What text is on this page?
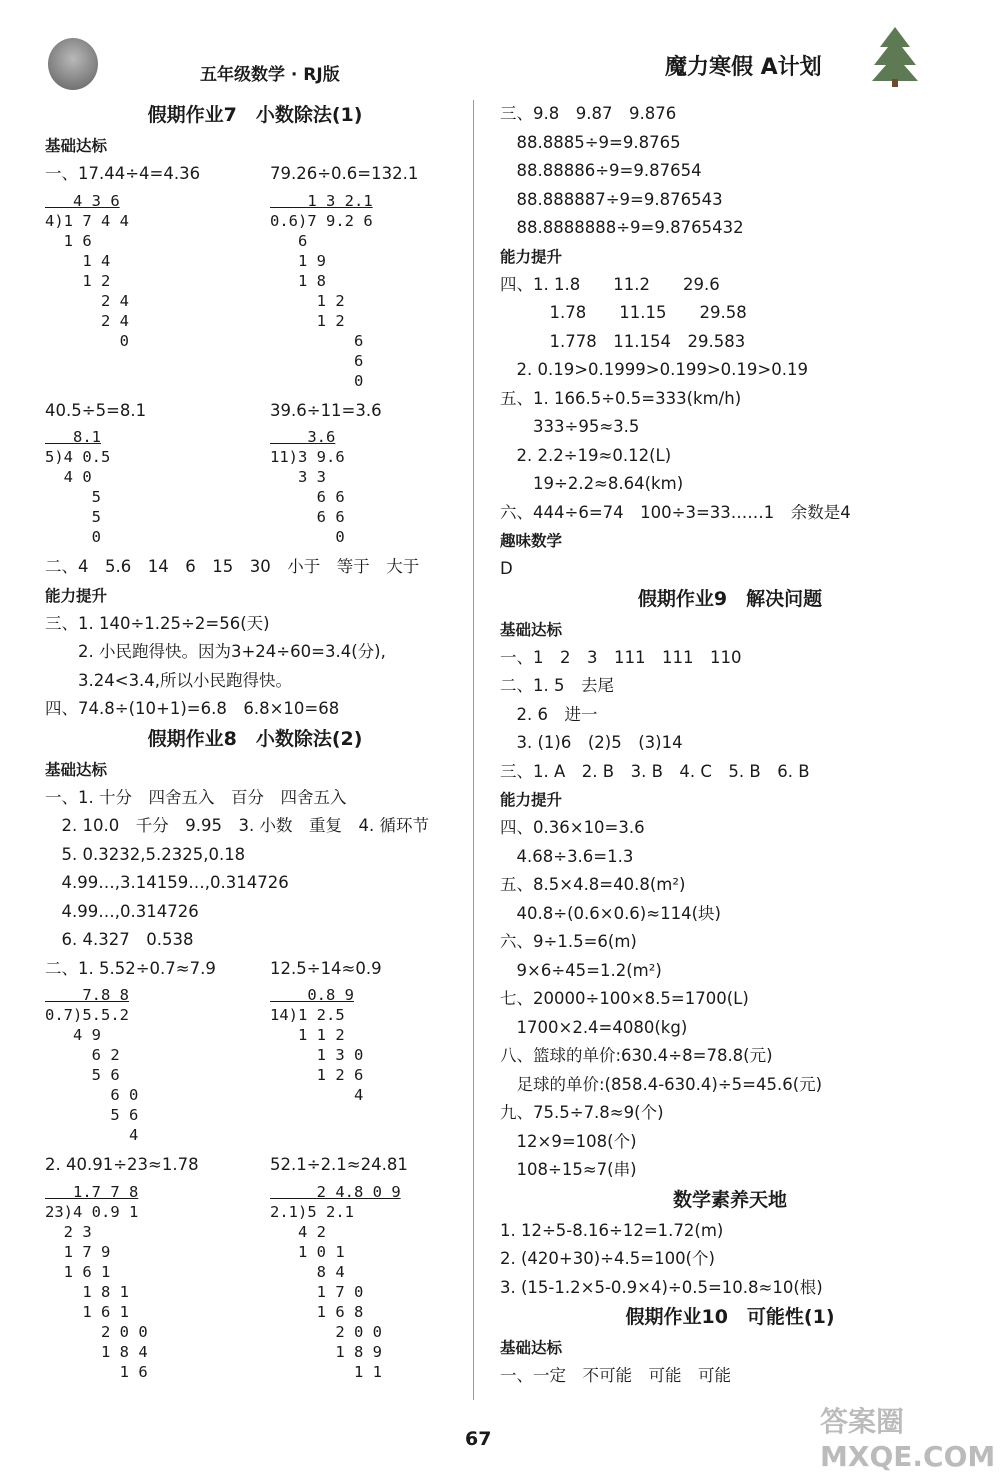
五年级数学 · RJ版	魔力寒假 A计划
假期作业7　小数除法(1)
基础达标
一、17.44÷4=4.36
4 3 6
4)1 7 4 4
1 6
1 4
1 2
2 4
2 4
0
79.26÷0.6=132.1
1 3 2.1
0.6)7 9.2 6
6
1 9
1 8
1 2
1 2
6
6
0
40.5÷5=8.1
8.1
5)4 0.5
4 0
5
5
0
39.6÷11=3.6
3.6
11)3 9.6
3 3
6 6
6 6
0
二、4　5.6　14　6　15　30　小于　等于　大于
能力提升
三、1. 140÷1.25÷2=56(天)
　　2. 小民跑得快。因为3+24÷60=3.4(分),
　　3.24<3.4,所以小民跑得快。
四、74.8÷(10+1)=6.8　6.8×10=68
假期作业8　小数除法(2)
基础达标
一、1. 十分　四舍五入　百分　四舍五入
　2. 10.0　千分　9.95　3. 小数　重复　4. 循环节
　5. 0.3232,5.2325,0.18
　4.99…,3.14159…,0.314726
　4.99…,0.314726
　6. 4.327　0.538
二、1. 5.52÷0.7≈7.9
7.8 8
0.7)5.5.2
4 9
6 2
5 6
6 0
5 6
4
12.5÷14≈0.9
0.8 9
14)1 2.5
1 1 2
1 3 0
1 2 6
4
2. 40.91÷23≈1.78
1.7 7 8
23)4 0.9 1
2 3
1 7 9
1 6 1
1 8 1
1 6 1
2 0 0
1 8 4
1 6
52.1÷2.1≈24.81
2 4.8 0 9
2.1)5 2.1
4 2
1 0 1
8 4
1 7 0
1 6 8
2 0 0
1 8 9
1 1
三、9.8　9.87　9.876
　88.8885÷9=9.8765
　88.88886÷9=9.87654
　88.888887÷9=9.876543
　88.8888888÷9=9.8765432
能力提升
四、1. 1.8　　11.2　　29.6
　　　1.78　　11.15　　29.58
　　　1.778　11.154　29.583
　2. 0.19>0.1999>0.199>0.19>0.19
五、1. 166.5÷0.5=333(km/h)
　　333÷95≈3.5
　2. 2.2÷19≈0.12(L)
　　19÷2.2≈8.64(km)
六、444÷6=74　100÷3=33……1　余数是4
趣味数学
D
假期作业9　解决问题
基础达标
一、1　2　3　111　111　110
二、1. 5　去尾
　2. 6　进一
　3. (1)6　(2)5　(3)14
三、1. A　2. B　3. B　4. C　5. B　6. B
能力提升
四、0.36×10=3.6
　4.68÷3.6=1.3
五、8.5×4.8=40.8(m²)
　40.8÷(0.6×0.6)≈114(块)
六、9÷1.5=6(m)
　9×6÷45=1.2(m²)
七、20000÷100×8.5=1700(L)
　1700×2.4=4080(kg)
八、篮球的单价:630.4÷8=78.8(元)
　足球的单价:(858.4-630.4)÷5=45.6(元)
九、75.5÷7.8≈9(个)
　12×9=108(个)
　108÷15≈7(串)
数学素养天地
1. 12÷5-8.16÷12=1.72(m)
2. (420+30)÷4.5=100(个)
3. (15-1.2×5-0.9×4)÷0.5=10.8≈10(根)
假期作业10　可能性(1)
基础达标
一、一定　不可能　可能　可能
67
答案圈 MXQE.COM
